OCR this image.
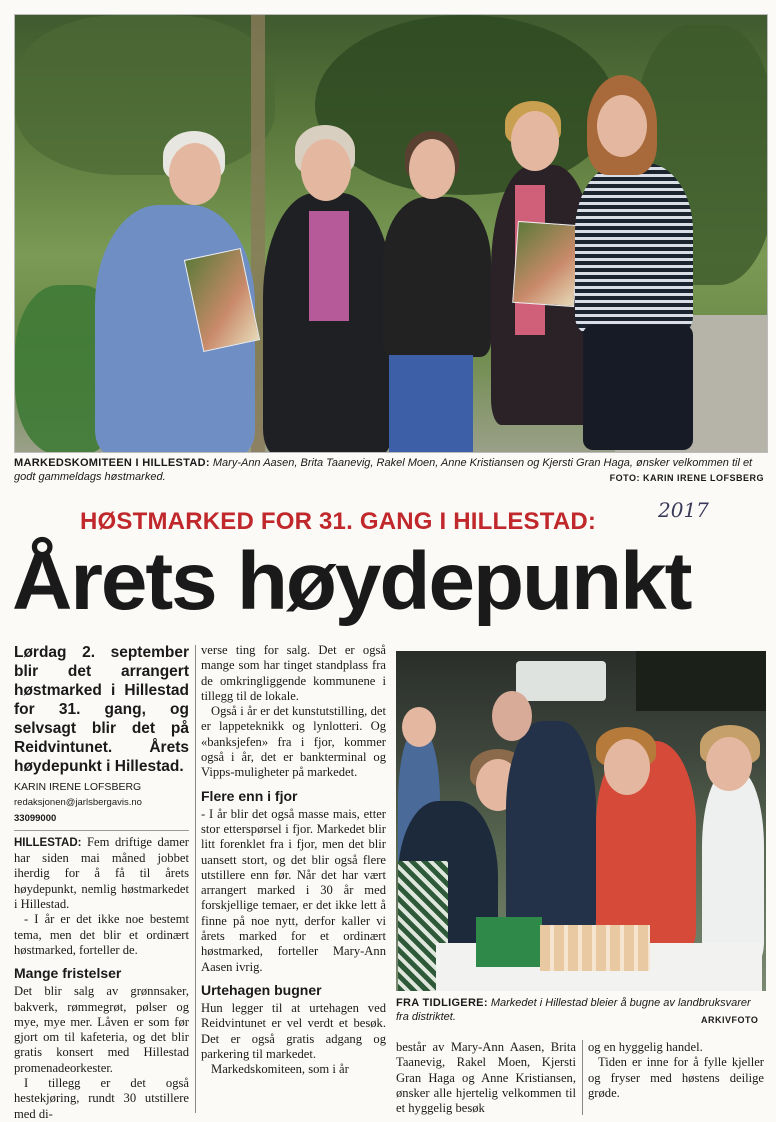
MARKEDSKOMITEEN I HILLESTAD: Mary-Ann Aasen, Brita Taanevig, Rakel Moen, Anne Kristiansen og Kjersti Gran Haga, ønsker velkommen til et godt gammeldags høstmarked.	FOTO: KARIN IRENE LOFSBERG
HØSTMARKED FOR 31. GANG I HILLESTAD:	2017
Årets høydepunkt
Lørdag 2. september blir det arrangert høstmarked i Hillestad for 31. gang, og selvsagt blir det på Reidvintunet. Årets høydepunkt i Hillestad.
KARIN IRENE LOFSBERG
redaksjonen@jarlsbergavis.no
33099000

HILLESTAD: Fem driftige damer har siden mai måned jobbet iherdig for å få til årets høydepunkt, nemlig høstmarkedet i Hillestad.

- I år er det ikke noe bestemt tema, men det blir et ordinært høstmarked, forteller de.

Mange fristelser

Det blir salg av grønnsaker, bakverk, rømmegrøt, pølser og mye, mye mer. Låven er som før gjort om til kafeteria, og det blir gratis konsert med Hillestad promenadeorkester.

I tillegg er det også hestekjøring, rundt 30 utstillere med di-

verse ting for salg. Det er også mange som har tinget standplass fra de omkringliggende kommunene i tillegg til de lokale.

Også i år er det kunstutstilling, det er lappeteknikk og lynlotteri. Og «banksjefen» fra i fjor, kommer også i år, det er bankterminal og Vipps-muligheter på markedet.

Flere enn i fjor

- I år blir det også masse mais, etter stor etterspørsel i fjor. Markedet blir litt forenklet fra i fjor, men det blir uansett stort, og det blir også flere utstillere enn før. Når det har vært arrangert marked i 30 år med forskjellige temaer, er det ikke lett å finne på noe nytt, derfor kaller vi årets marked for et ordinært høstmarked, forteller Mary-Ann Aasen ivrig.

Urtehagen bugner

Hun legger til at urtehagen ved Reidvintunet er vel verdt et besøk. Det er også gratis adgang og parkering til markedet.

Markedskomiteen, som i år

FRA TIDLIGERE: Markedet i Hillestad bleier å bugne av landbruksvarer fra distriktet.	ARKIVFOTO

består av Mary-Ann Aasen, Brita Taanevig, Rakel Moen, Kjersti Gran Haga og Anne Kristiansen, ønsker alle hjertelig velkommen til et hyggelig besøk

og en hyggelig handel.

Tiden er inne for å fylle kjeller og fryser med høstens deilige grøde.
